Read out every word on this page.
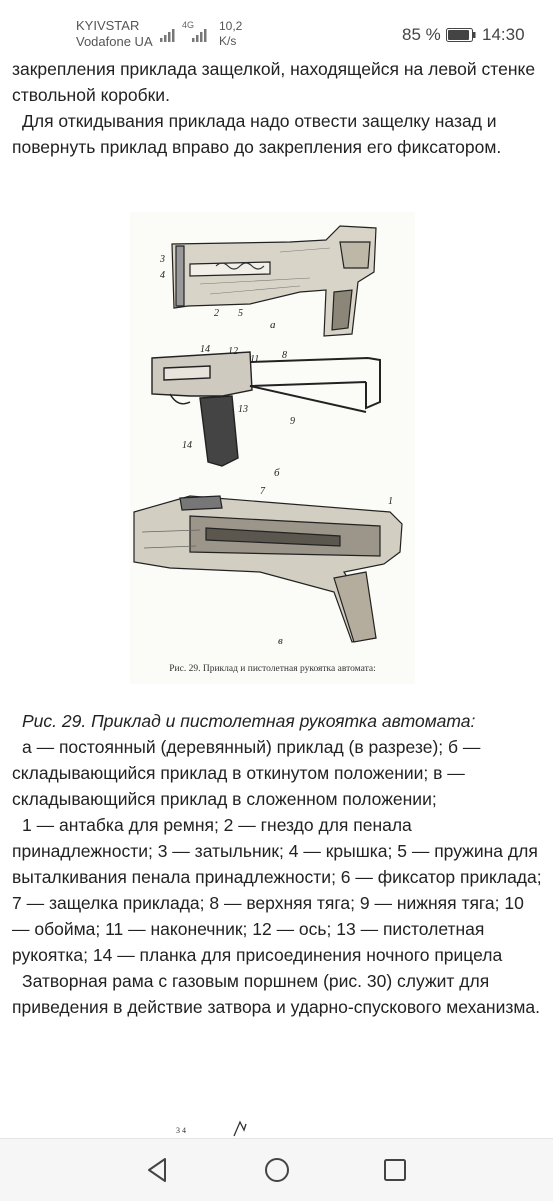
KYIVSTAR
Vodafone UA
4G 10,2
K/s	85 % 14:30

закрепления приклада защелкой, находящейся на левой стенке ствольной коробки.

Для откидывания приклада надо отвести защелку назад и повернуть приклад вправо до закрепления его фиксатором.

3
4
2 5
14 12
11 8
13
9
14
7
1
а
б
в
Рис. 29. Приклад и пистолетная рукоятка автомата:

Рис. 29. Приклад и пистолетная рукоятка автомата:

а — постоянный (деревянный) приклад (в разрезе); б — складывающийся приклад в откинутом положении; в — складывающийся приклад в сложенном положении;

1 — антабка для ремня; 2 — гнездо для пенала принадлежности; 3 — затыльник; 4 — крышка; 5 — пружина для выталкивания пенала принадлежности; 6 — фиксатор приклада; 7 — защелка приклада; 8 — верхняя тяга; 9 — нижняя тяга; 10 — обойма; 11 — наконечник; 12 — ось; 13 — пистолетная рукоятка; 14 — планка для присоединения ночного прицела

Затворная рама с газовым поршнем (рис. 30) служит для приведения в действие затвора и ударно-спускового механизма.

3 4
